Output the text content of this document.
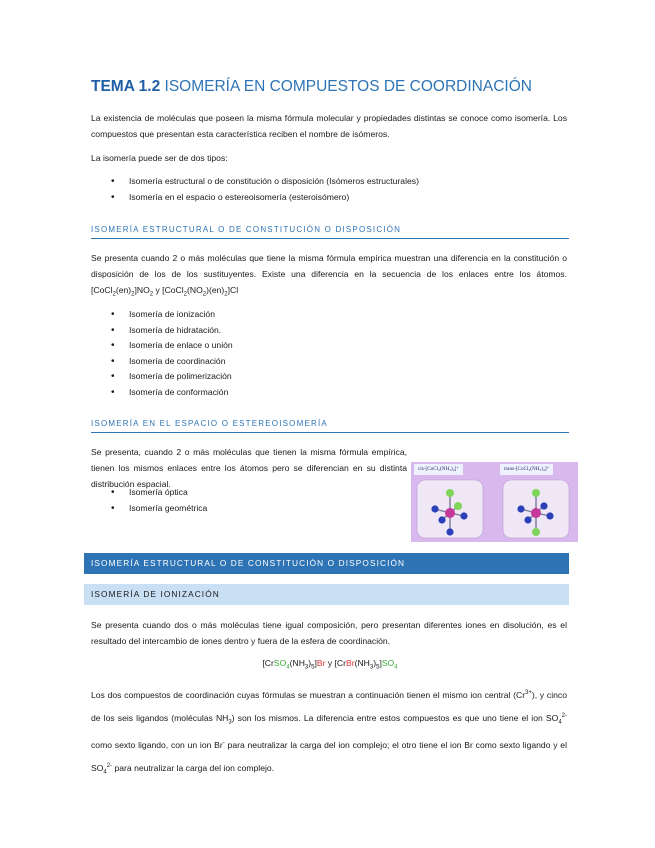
TEMA 1.2 ISOMERÍA EN COMPUESTOS DE COORDINACIÓN
La existencia de moléculas que poseen la misma fórmula molecular y propiedades distintas se conoce como isomería. Los compuestos que presentan esta característica reciben el nombre de isómeros.
La isomería puede ser de dos tipos:
• Isomería estructural o de constitución o disposición (Isómeros estructurales)
• Isomería en el espacio o estereoisomería (esteroisómero)
ISOMERÍA ESTRUCTURAL O DE CONSTITUCIÓN O DISPOSICIÓN
Se presenta cuando 2 o más moléculas que tiene la misma fórmula empírica muestran una diferencia en la constitución o disposición de los de los sustituyentes. Existe una diferencia en la secuencia de los enlaces entre los átomos. $[CoCl_2(en)_2]NO_2$ y $[CoCl_2(NO_2)(en)_2]Cl$
• Isomería de ionización
• Isomería de hidratación.
• Isomería de enlace o unión
• Isomería de coordinación
• Isomería de polimerización
• Isomería de conformación
ISOMERÍA EN EL ESPACIO O ESTEREOISOMERÍA
Se presenta, cuando 2 o más moléculas que tienen la misma fórmula empírica, tienen los mismos enlaces entre los átomos pero se diferencian en su distinta distribución espacial.
• Isomería óptica
• Isomería geométrica
cis-[CoCl₂(NH₃)₄]⁺	trans-[CoCl₂(NH₃)₄]⁺
ISOMERÍA ESTRUCTURAL O DE CONSTITUCIÓN O DISPOSICIÓN
ISOMERÍA DE IONIZACIÓN
Se presenta cuando dos o más moléculas tiene igual composición, pero presentan diferentes iones en disolución, es el resultado del intercambio de iones dentro y fuera de la esfera de coordinación.
$[CrSO_4(NH_3)_5]Br$ y $[CrBr(NH_3)_5]SO_4$
Los dos compuestos de coordinación cuyas fórmulas se muestran a continuación tienen el mismo ion central $(Cr^{3+})$, y cinco de los seis ligandos (moléculas $NH_3$) son los mismos. La diferencia entre estos compuestos es que uno tiene el ion $SO_4^{2-}$ como sexto ligando, con un ion Br- para neutralizar la carga del ion complejo; el otro tiene el ion Br como sexto ligando y el $SO_4^{2-}$ para neutralizar la carga del ion complejo.
